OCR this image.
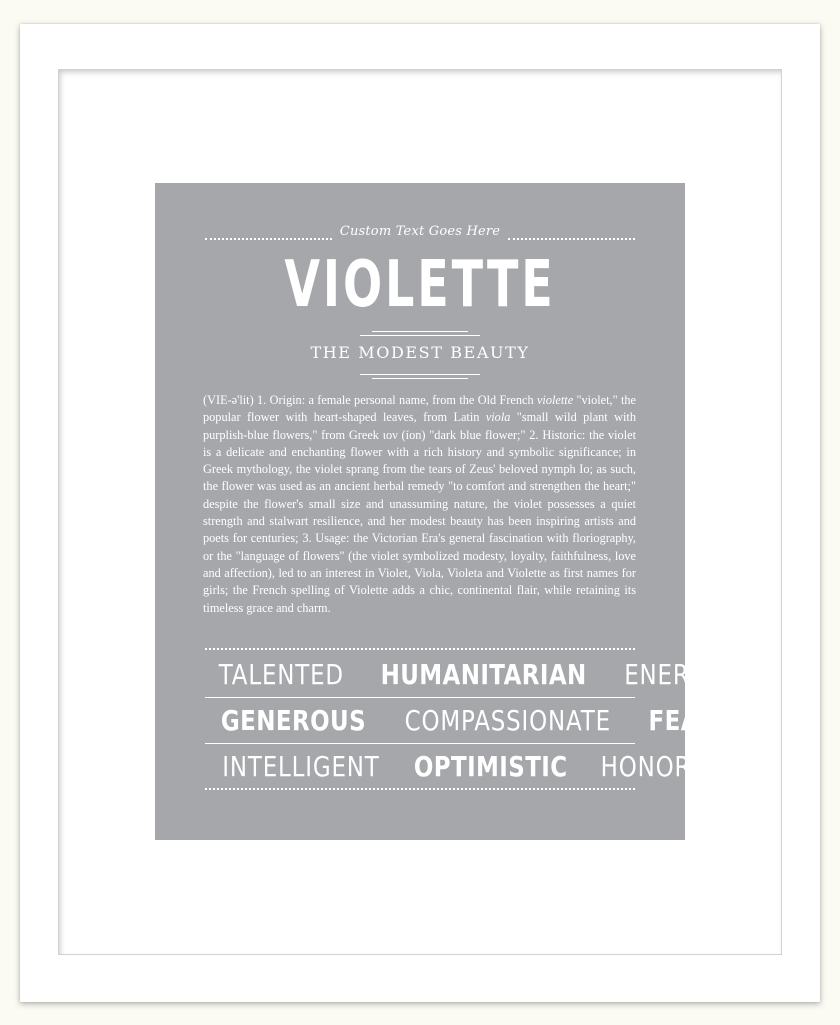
Custom Text Goes Here
VIOLETTE
THE MODEST BEAUTY
(VIE-ə'lit) 1. Origin: a female personal name, from the Old French violette "violet," the popular flower with heart-shaped leaves, from Latin viola "small wild plant with purplish-blue flowers," from Greek ιον (íon) "dark blue flower;" 2. Historic: the violet is a delicate and enchanting flower with a rich history and symbolic significance; in Greek mythology, the violet sprang from the tears of Zeus' beloved nymph Io; as such, the flower was used as an ancient herbal remedy "to comfort and strengthen the heart;" despite the flower's small size and unassuming nature, the violet possesses a quiet strength and stalwart resilience, and her modest beauty has been inspiring artists and poets for centuries; 3. Usage: the Victorian Era's general fascination with floriography, or the "language of flowers" (the violet symbolized modesty, loyalty, faithfulness, love and affection), led to an interest in Violet, Viola, Violeta and Violette as first names for girls; the French spelling of Violette adds a chic, continental flair, while retaining its timeless grace and charm.
TALENTED HUMANITARIAN ENERGETIC
GENEROUS COMPASSIONATE FEARLESS
INTELLIGENT OPTIMISTIC HONORABLE
